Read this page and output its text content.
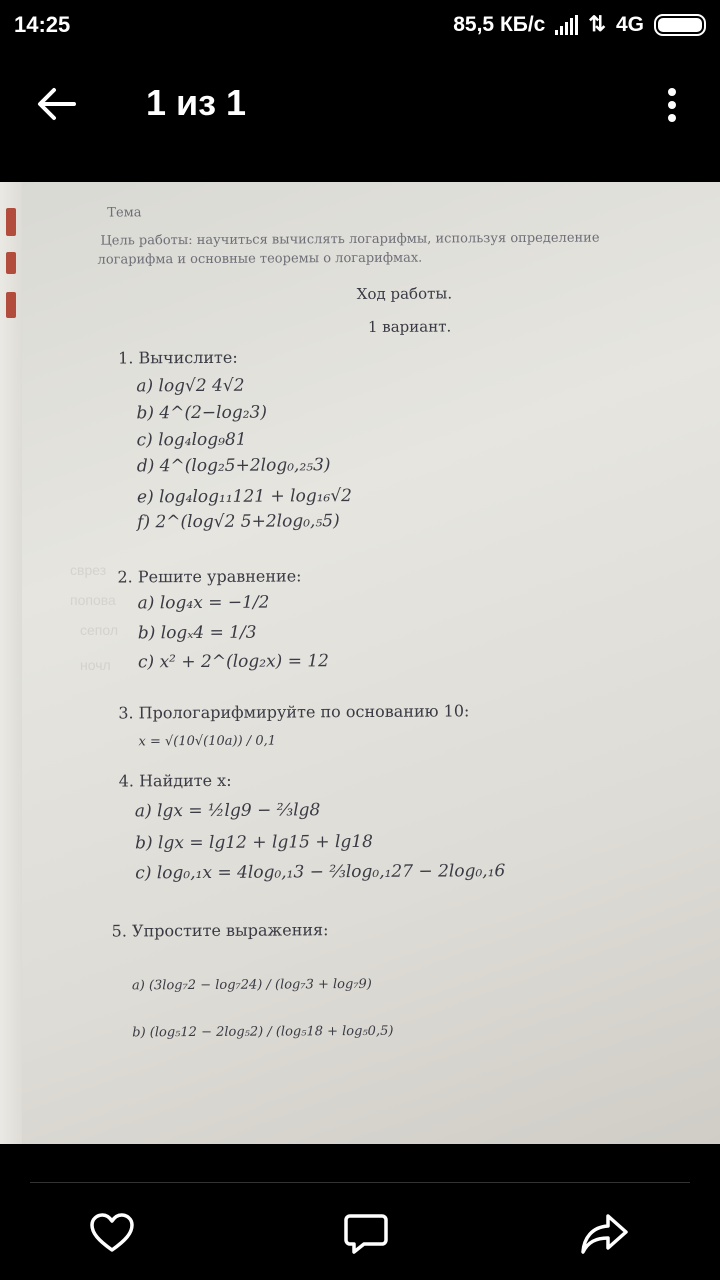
14:25	85,5 КБ/с ⇅ 4G
1 из 1
сврез
попова
сепол
ночл
Тема
Цель работы: научиться вычислять логарифмы, используя определение
логарифма и основные теоремы о логарифмах.
Ход работы.
1 вариант.
1. Вычислите:
a) log√2 4√2
b) 4^(2−log₂3)
c) log₄log₉81
d) 4^(log₂5+2log₀,₂₅3)
e) log₄log₁₁121 + log₁₆√2
f) 2^(log√2 5+2log₀,₅5)
2. Решите уравнение:
a) log₄x = −1/2
b) logₓ4 = 1/3
c) x² + 2^(log₂x) = 12
3. Прологарифмируйте по основанию 10:
x = √(10√(10a)) / 0,1
4. Найдите x:
a) lgx = ½lg9 − ⅔lg8
b) lgx = lg12 + lg15 + lg18
c) log₀,₁x = 4log₀,₁3 − ⅔log₀,₁27 − 2log₀,₁6
5. Упростите выражения:
a) (3log₇2 − log₇24) / (log₇3 + log₇9)
b) (log₅12 − 2log₅2) / (log₅18 + log₅0,5)
